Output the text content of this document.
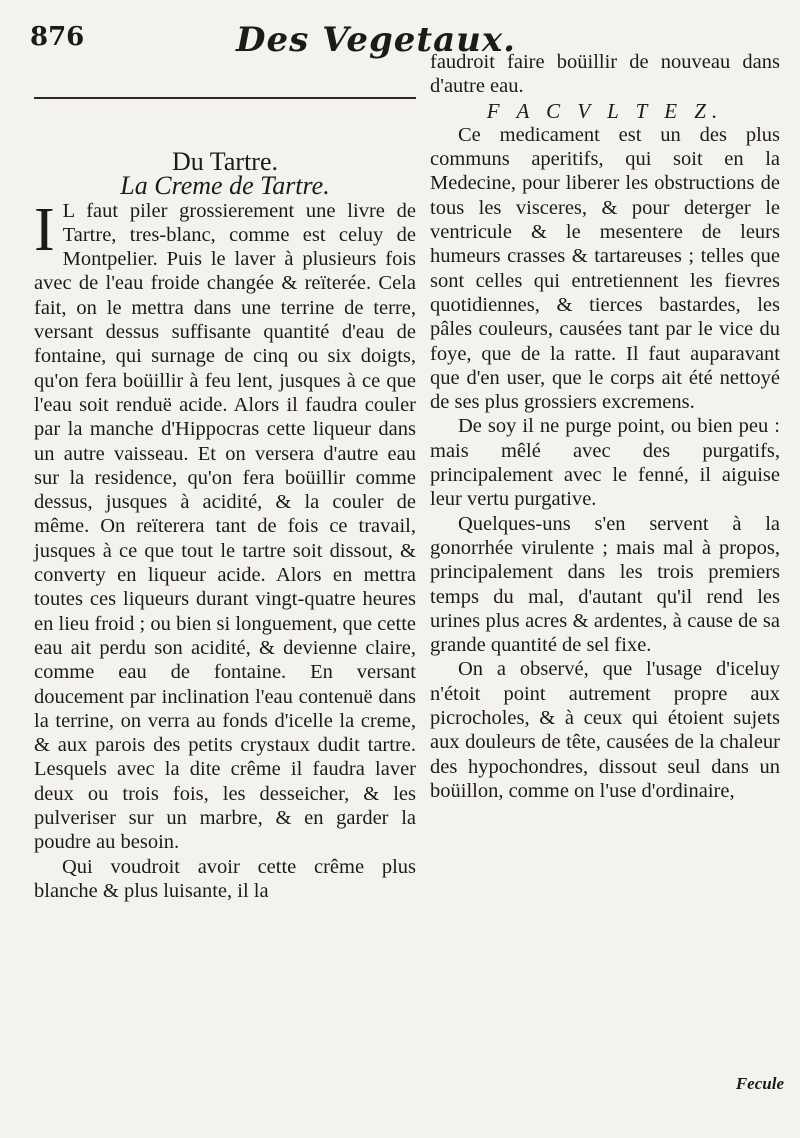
876	Des Vegetaux.

Du Tartre.

La Creme de Tartre.

I L faut piler grossierement une livre de Tartre, tres-blanc, comme est celuy de Montpelier. Puis le laver à plusieurs fois avec de l'eau froide changée & reïterée. Cela fait, on le mettra dans une terrine de terre, versant dessus suffisante quantité d'eau de fontaine, qui surnage de cinq ou six doigts, qu'on fera boüillir à feu lent, jusques à ce que l'eau soit renduë acide. Alors il faudra couler par la manche d'Hippocras cette liqueur dans un autre vaisseau. Et on versera d'autre eau sur la residence, qu'on fera boüillir comme dessus, jusques à acidité, & la couler de même. On reïterera tant de fois ce travail, jusques à ce que tout le tartre soit dissout, & converty en liqueur acide. Alors en mettra toutes ces liqueurs durant vingt-quatre heures en lieu froid ; ou bien si longuement, que cette eau ait perdu son acidité, & devienne claire, comme eau de fontaine. En versant doucement par inclination l'eau contenuë dans la terrine, on verra au fonds d'icelle la creme, & aux parois des petits crystaux dudit tartre. Lesquels avec la dite crême il faudra laver deux ou trois fois, les desseicher, & les pulveriser sur un marbre, & en garder la poudre au besoin.

Qui voudroit avoir cette crême plus blanche & plus luisante, il la

faudroit faire boüillir de nouveau dans d'autre eau.

F A C V L T E Z.

Ce medicament est un des plus communs aperitifs, qui soit en la Medecine, pour liberer les obstructions de tous les visceres, & pour deterger le ventricule & le mesentere de leurs humeurs crasses & tartareuses ; telles que sont celles qui entretiennent les fievres quotidiennes, & tierces bastardes, les pâles couleurs, causées tant par le vice du foye, que de la ratte. Il faut auparavant que d'en user, que le corps ait été nettoyé de ses plus grossiers excremens.

De soy il ne purge point, ou bien peu : mais mêlé avec des purgatifs, principalement avec le fenné, il aiguise leur vertu purgative.

Quelques-uns s'en servent à la gonorrhée virulente ; mais mal à propos, principalement dans les trois premiers temps du mal, d'autant qu'il rend les urines plus acres & ardentes, à cause de sa grande quantité de sel fixe.

On a observé, que l'usage d'iceluy n'étoit point autrement propre aux picrocholes, & à ceux qui étoient sujets aux douleurs de tête, causées de la chaleur des hypochondres, dissout seul dans un boüillon, comme on l'use d'ordinaire,

Fecule
